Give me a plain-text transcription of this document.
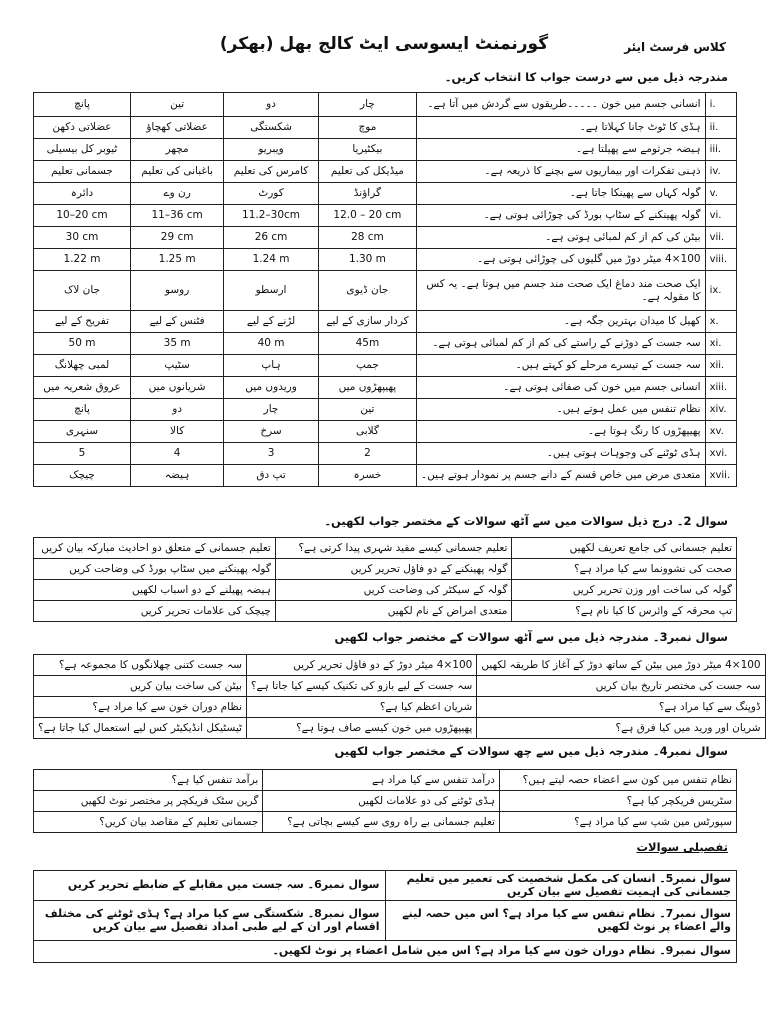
کلاس فرسٹ ایئر
گورنمنٹ ایسوسی ایٹ کالج بھل (بھکر)
مندرجہ ذیل میں سے درست جواب کا انتخاب کریں۔
پانچ	تین	دو	چار	انسانی جسم میں خون ۔۔۔۔۔طریقوں سے گردش میں آتا ہے۔	i.
عضلاتی دکھن	عضلاتی کھچاؤ	شکستگی	موچ	ہڈی کا ٹوٹ جانا کہلاتا ہے۔	ii.
ٹیوبر کل بیسیلی	مچھر	ویبریو	بیکٹیریا	ہیضہ جرثومے سے پھیلتا ہے۔	iii.
جسمانی تعلیم	باغبانی کی تعلیم	کامرس کی تعلیم	میڈیکل کی تعلیم	ذہنی تفکرات اور بیماریوں سے بچنے کا ذریعہ ہے۔	iv.
دائرہ	رن وے	کورٹ	گراؤنڈ	گولہ کہاں سے پھینکا جاتا ہے۔	v.
10–20 cm	11–36 cm	11.2–30cm	12.0 – 20 cm	گولہ پھینکنے کے سٹاپ بورڈ کی چوڑائی ہوتی ہے۔	vi.
30 cm	29 cm	26 cm	28 cm	بیٹن کی کم از کم لمبائی ہوتی ہے۔	vii.
1.22 m	1.25 m	1.24 m	1.30 m	100×4 میٹر دوڑ میں گلیوں کی چوڑائی ہوتی ہے۔	viii.
جان لاک	روسو	ارسطو	جان ڈیوی	ایک صحت مند دماغ ایک صحت مند جسم میں ہوتا ہے۔ یہ کس کا مقولہ ہے۔	ix.
تفریح کے لیے	فٹنس کے لیے	لڑنے کے لیے	کردار سازی کے لیے	کھیل کا میدان بہترین جگہ ہے۔	x.
50 m	35 m	40 m	45m	سہ جست کے دوڑنے کے راستے کی کم از کم لمبائی ہوتی ہے۔	xi.
لمبی چھلانگ	سٹیپ	ہاپ	جمپ	سہ جست کے تیسرے مرحلے کو کہتے ہیں۔	xii.
عروق شعریہ میں	شریانوں میں	وریدوں میں	پھیپھڑوں میں	انسانی جسم میں خون کی صفائی ہوتی ہے۔	xiii.
پانچ	دو	چار	تین	نظام تنفس میں عمل ہوتے ہیں۔	xiv.
سنہری	کالا	سرخ	گلابی	پھیپھڑوں کا رنگ ہوتا ہے۔	xv.
5	4	3	2	ہڈی ٹوٹنے کی وجوہات ہوتی ہیں۔	xvi.
چیچک	ہیضہ	تپ دق	خسرہ	متعدی مرض میں خاص قسم کے دانے جسم پر نمودار ہوتے ہیں۔	xvii.
سوال 2۔ درج ذیل سوالات میں سے آٹھ سوالات کے مختصر جواب لکھیں۔
تعلیم جسمانی کے متعلق دو احادیث مبارکہ بیان کریں	تعلیم جسمانی کیسے مفید شہری پیدا کرتی ہے؟	تعلیم جسمانی کی جامع تعریف لکھیں
گولہ پھینکنے میں سٹاپ بورڈ کی وضاحت کریں	گولہ پھینکنے کے دو فاؤل تحریر کریں	صحت کی نشوونما سے کیا مراد ہے؟
ہیضہ پھیلنے کے دو اسباب لکھیں	گولہ کے سیکٹر کی وضاحت کریں	گولہ کی ساخت اور وزن تحریر کریں
چیچک کی علامات تحریر کریں	متعدی امراض کے نام لکھیں	تپ محرقہ کے وائرس کا کیا نام ہے؟
سوال نمبر3۔ مندرجہ ذیل میں سے آٹھ سوالات کے مختصر جواب لکھیں
سہ جست کتنی چھلانگوں کا مجموعہ ہے؟	100×4 میٹر دوڑ کے دو فاؤل تحریر کریں	100×4 میٹر دوڑ میں بیٹن کے ساتھ دوڑ کے آغاز کا طریقہ لکھیں
بیٹن کی ساخت بیان کریں	سہ جست کے لیے بازو کی تکنیک کیسے کیا جاتا ہے؟	سہ جست کی مختصر تاریخ بیان کریں
نظام دوران خون سے کیا مراد ہے؟	شریان اعظم کیا ہے؟	ڈوپنگ سے کیا مراد ہے؟
ٹیسٹیکل انڈیکیٹر کس لیے استعمال کیا جاتا ہے؟	پھیپھڑوں میں خون کیسے صاف ہوتا ہے؟	شریان اور ورید میں کیا فرق ہے؟
سوال نمبر4۔ مندرجہ ذیل میں سے چھ سوالات کے مختصر جواب لکھیں
برآمد تنفس کیا ہے؟	درآمد تنفس سے کیا مراد ہے	نظام تنفس میں کون سے اعضاء حصہ لیتے ہیں؟
گرین سٹک فریکچر پر مختصر نوٹ لکھیں	ہڈی ٹوٹنے کی دو علامات لکھیں	سٹریس فریکچر کیا ہے؟
جسمانی تعلیم کے مقاصد بیان کریں؟	تعلیم جسمانی بے راہ روی سے کیسے بچاتی ہے؟	سپورٹس مین شپ سے کیا مراد ہے؟
تفصیلی سوالات
سوال نمبر6۔ سہ جست میں مقابلے کے ضابطے تحریر کریں	سوال نمبر5۔ انسان کی مکمل شخصیت کی تعمیر میں تعلیم جسمانی کی اہمیت تفصیل سے بیان کریں
سوال نمبر8۔ شکستگی سے کیا مراد ہے؟ ہڈی ٹوٹنے کی مختلف اقسام اور ان کے لیے طبی امداد تفصیل سے بیان کریں	سوال نمبر7۔ نظام تنفس سے کیا مراد ہے؟ اس میں حصہ لینے والے اعضاء پر نوٹ لکھیں
سوال نمبر9۔ نظام دوران خون سے کیا مراد ہے؟ اس میں شامل اعضاء پر نوٹ لکھیں۔	
